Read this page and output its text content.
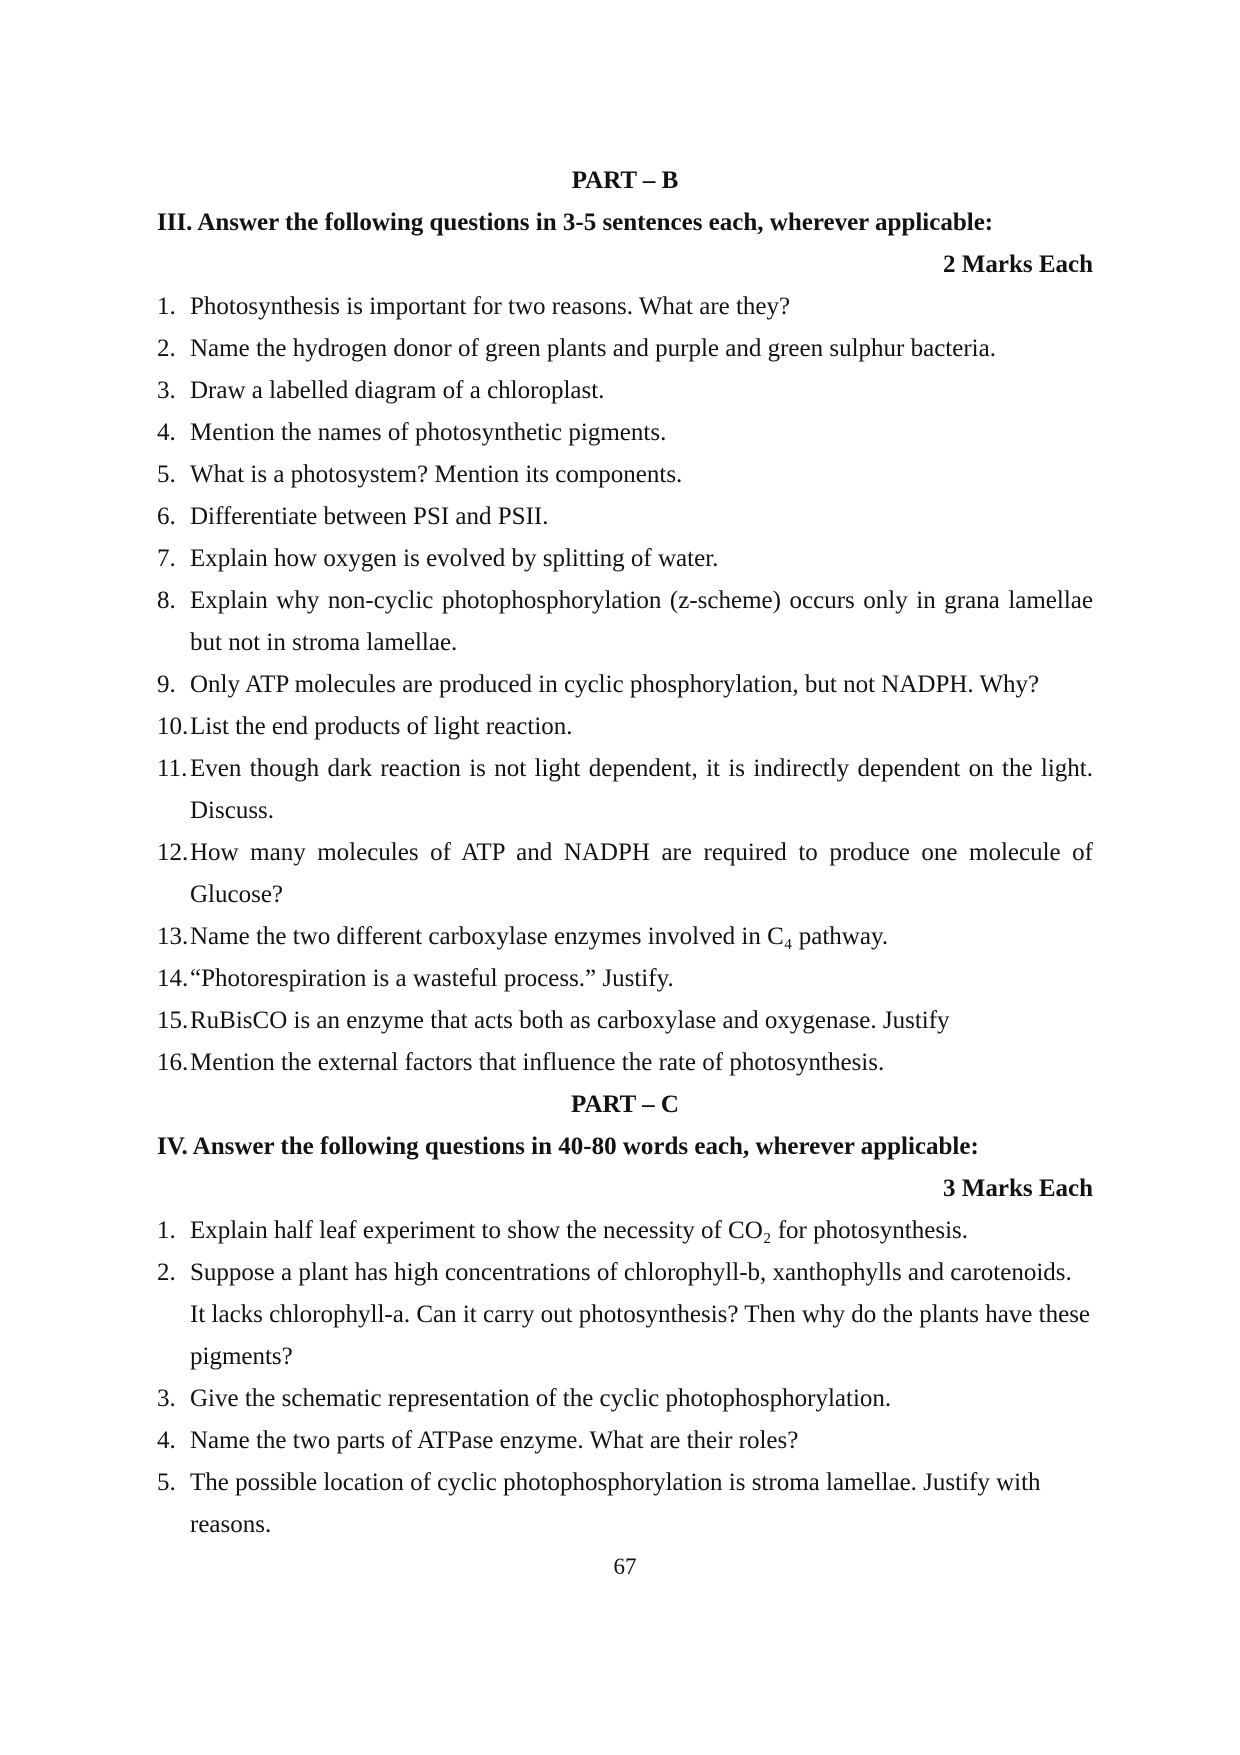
PART – B
III. Answer the following questions in 3-5 sentences each, wherever applicable:
2 Marks Each
1. Photosynthesis is important for two reasons. What are they?
2. Name the hydrogen donor of green plants and purple and green sulphur bacteria.
3. Draw a labelled diagram of a chloroplast.
4. Mention the names of photosynthetic pigments.
5. What is a photosystem? Mention its components.
6. Differentiate between PSI and PSII.
7. Explain how oxygen is evolved by splitting of water.
8. Explain why non-cyclic photophosphorylation (z-scheme) occurs only in grana lamellae
but not in stroma lamellae.
9. Only ATP molecules are produced in cyclic phosphorylation, but not NADPH. Why?
10. List the end products of light reaction.
11. Even though dark reaction is not light dependent, it is indirectly dependent on the light.
Discuss.
12. How many molecules of ATP and NADPH are required to produce one molecule of
Glucose?
13. Name the two different carboxylase enzymes involved in C₄ pathway.
14. “Photorespiration is a wasteful process.” Justify.
15. RuBisCO is an enzyme that acts both as carboxylase and oxygenase. Justify
16. Mention the external factors that influence the rate of photosynthesis.
PART – C
IV. Answer the following questions in 40-80 words each, wherever applicable:
3 Marks Each
1. Explain half leaf experiment to show the necessity of CO₂ for photosynthesis.
2. Suppose a plant has high concentrations of chlorophyll-b, xanthophylls and carotenoids.
It lacks chlorophyll-a. Can it carry out photosynthesis? Then why do the plants have these
pigments?
3. Give the schematic representation of the cyclic photophosphorylation.
4. Name the two parts of ATPase enzyme. What are their roles?
5. The possible location of cyclic photophosphorylation is stroma lamellae. Justify with
reasons.
67
